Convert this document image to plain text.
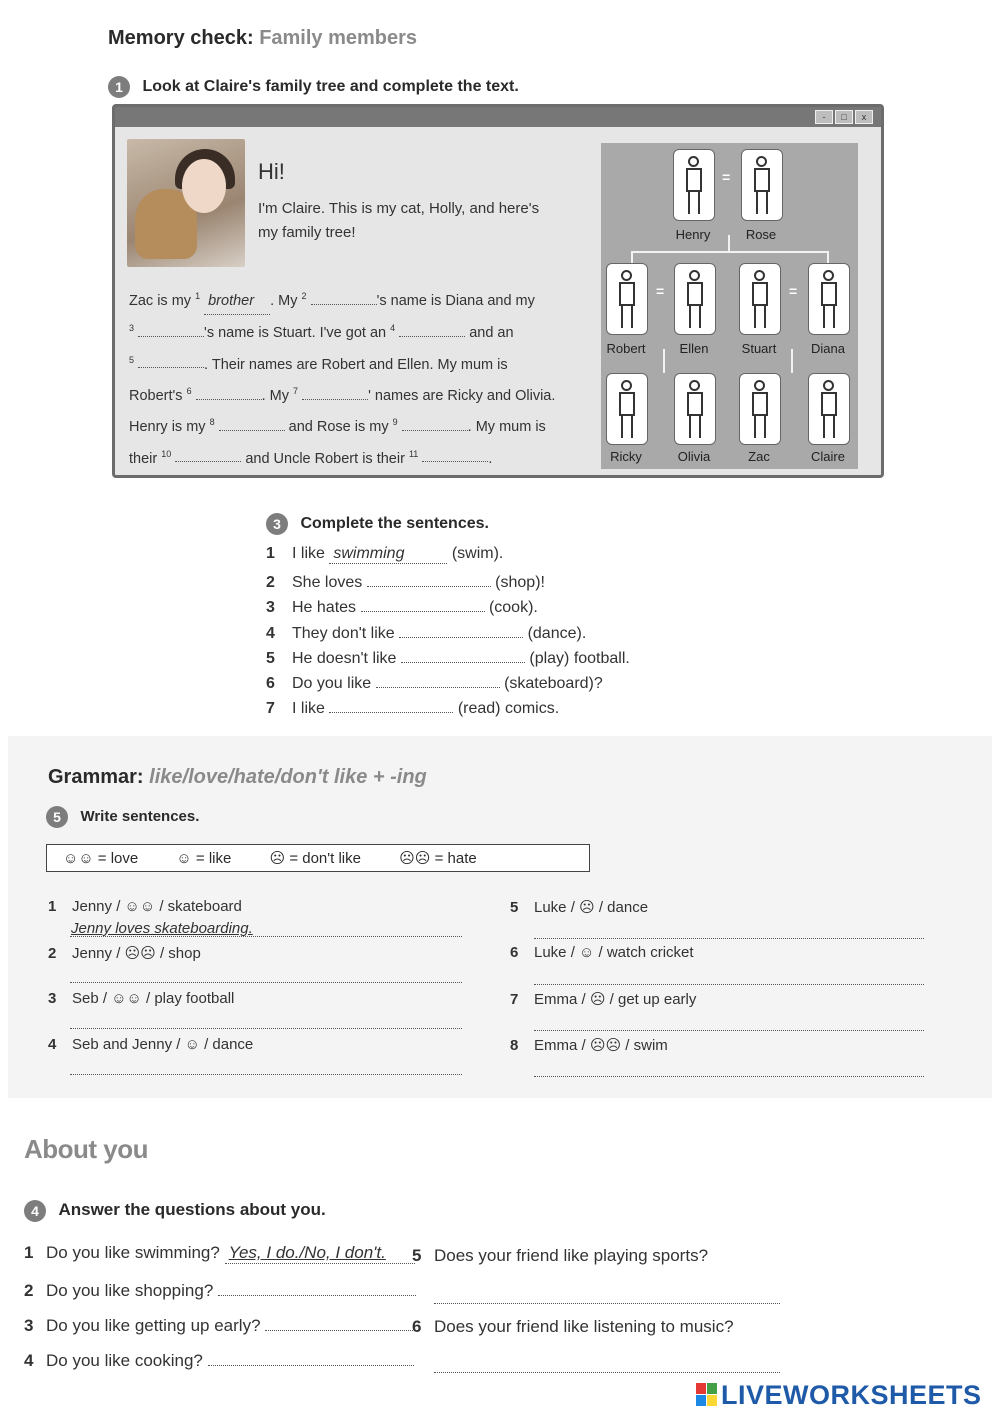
Memory check: Family members
1 Look at Claire's family tree and complete the text.
-	□	x
Hi!
I'm Claire. This is my cat, Holly, and here's
my family tree!
Zac is my $^1$ brother . My $^2$	's name is Diana and my
$^3$	's name is Stuart. I've got an $^4$	and an
$^5$	. Their names are Robert and Ellen. My mum is
Robert's $^6$	. My $^7$	' names are Ricky and Olivia.
Henry is my $^8$	and Rose is my $^9$	. My mum is
their $^{10}$	and Uncle Robert is their $^{11}$	.
=
Henry	Rose
=	=
Robert	Ellen	Stuart	Diana
Ricky	Olivia	Zac	Claire
3 Complete the sentences.
1 I like swimming	(swim).
2 She loves	(shop)!
3 He hates	(cook).
4 They don't like	(dance).
5 He doesn't like	(play) football.
6 Do you like	(skateboard)?
7 I like	(read) comics.
Grammar: like/love/hate/don't like + -ing
5 Write sentences.
☺☺ = love	☺ = like	☹ = don't like	☹☹ = hate
1 Jenny / ☺☺ / skateboard
Jenny loves skateboarding.
2 Jenny / ☹☹ / shop
3 Seb / ☺☺ / play football
4 Seb and Jenny / ☺ / dance
5 Luke / ☹ / dance
6 Luke / ☺ / watch cricket
7 Emma / ☹ / get up early
8 Emma / ☹☹ / swim
About you
4 Answer the questions about you.
1 Do you like swimming? Yes, I do./No, I don't.
2 Do you like shopping?
3 Do you like getting up early?
4 Do you like cooking?
5 Does your friend like playing sports?
6 Does your friend like listening to music?
LIVEWORKSHEETS
